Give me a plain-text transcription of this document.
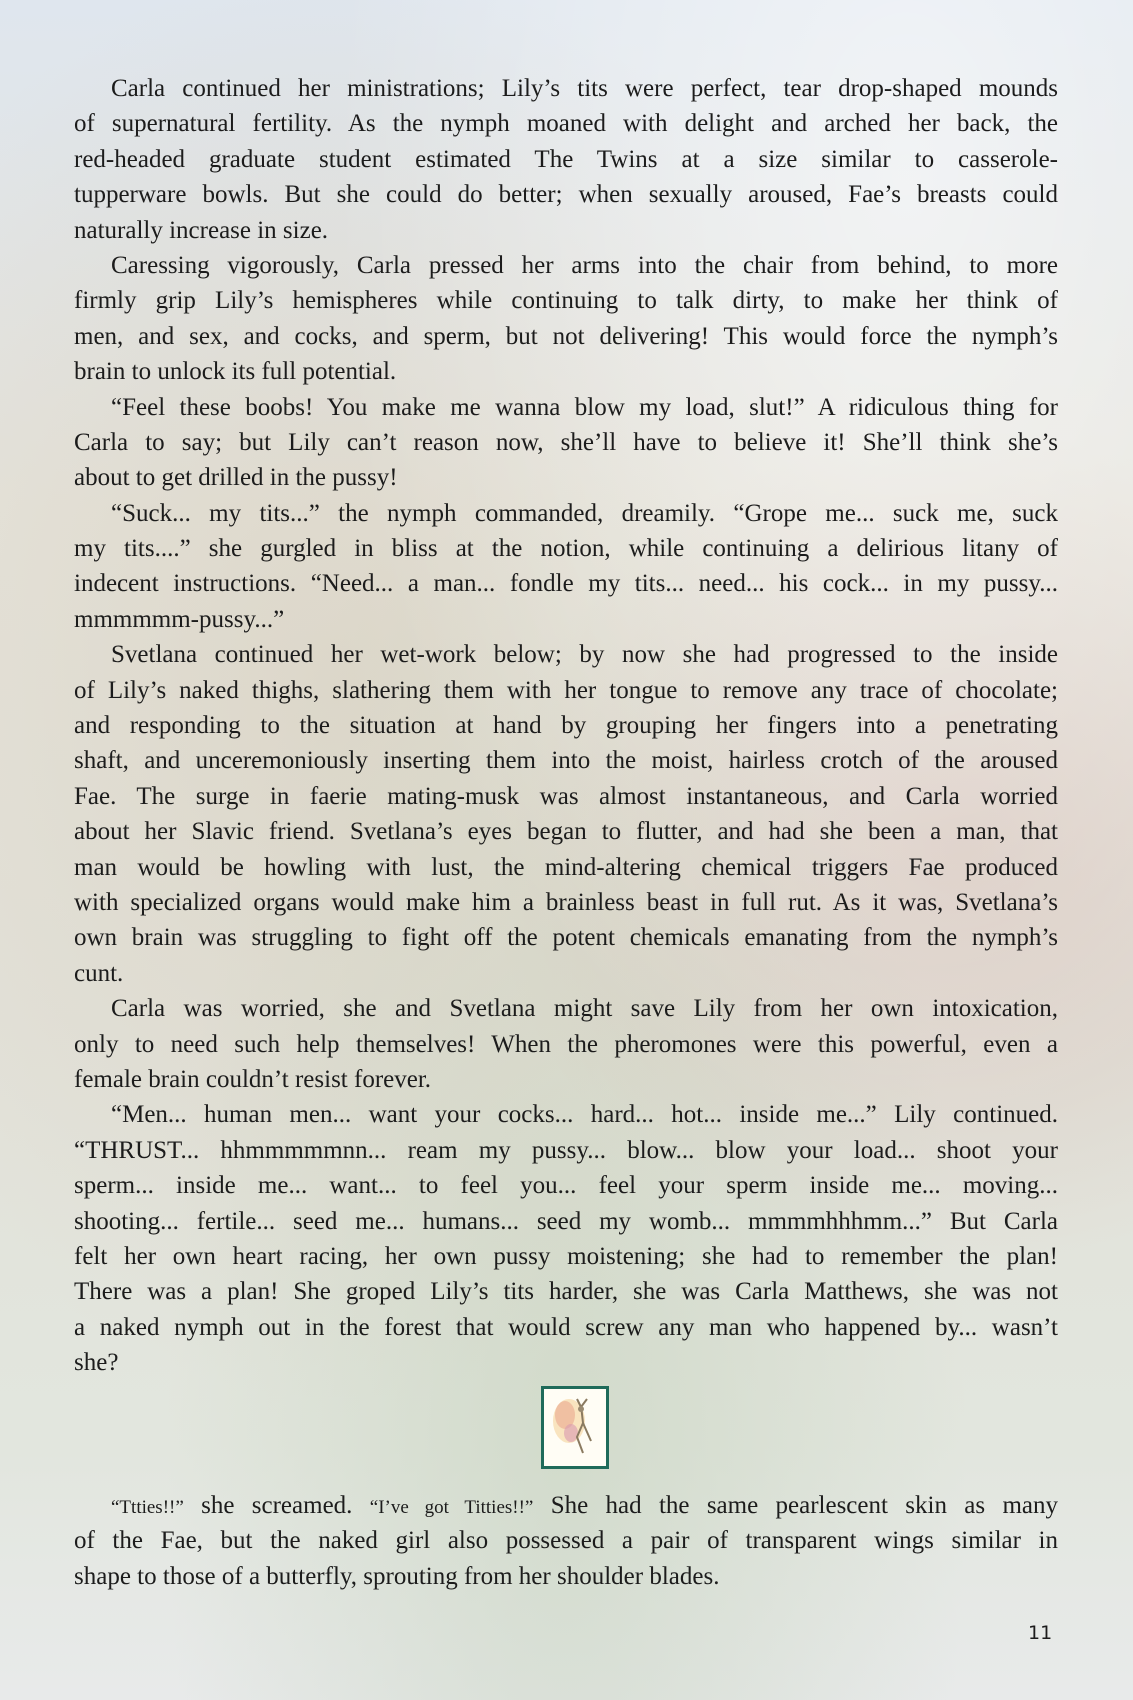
Carla continued her ministrations; Lily’s tits were perfect, tear drop-shaped mounds
of supernatural fertility. As the nymph moaned with delight and arched her back, the
red-headed graduate student estimated The Twins at a size similar to casserole-
tupperware bowls. But she could do better; when sexually aroused, Fae’s breasts could
naturally increase in size.
Caressing vigorously, Carla pressed her arms into the chair from behind, to more
firmly grip Lily’s hemispheres while continuing to talk dirty, to make her think of
men, and sex, and cocks, and sperm, but not delivering! This would force the nymph’s
brain to unlock its full potential.
“Feel these boobs! You make me wanna blow my load, slut!” A ridiculous thing for
Carla to say; but Lily can’t reason now, she’ll have to believe it! She’ll think she’s
about to get drilled in the pussy!
“Suck... my tits...” the nymph commanded, dreamily. “Grope me... suck me, suck
my tits....” she gurgled in bliss at the notion, while continuing a delirious litany of
indecent instructions. “Need... a man... fondle my tits... need... his cock... in my pussy...
mmmmmm-pussy...”
Svetlana continued her wet-work below; by now she had progressed to the inside
of Lily’s naked thighs, slathering them with her tongue to remove any trace of chocolate;
and responding to the situation at hand by grouping her fingers into a penetrating
shaft, and unceremoniously inserting them into the moist, hairless crotch of the aroused
Fae. The surge in faerie mating-musk was almost instantaneous, and Carla worried
about her Slavic friend. Svetlana’s eyes began to flutter, and had she been a man, that
man would be howling with lust, the mind-altering chemical triggers Fae produced
with specialized organs would make him a brainless beast in full rut. As it was, Svetlana’s
own brain was struggling to fight off the potent chemicals emanating from the nymph’s
cunt.
Carla was worried, she and Svetlana might save Lily from her own intoxication,
only to need such help themselves! When the pheromones were this powerful, even a
female brain couldn’t resist forever.
“Men... human men... want your cocks... hard... hot... inside me...” Lily continued.
“THRUST... hhmmmmmnn... ream my pussy... blow... blow your load... shoot your
sperm... inside me... want... to feel you... feel your sperm inside me... moving...
shooting... fertile... seed me... humans... seed my womb... mmmmhhhmm...” But Carla
felt her own heart racing, her own pussy moistening; she had to remember the plan!
There was a plan! She groped Lily’s tits harder, she was Carla Matthews, she was not
a naked nymph out in the forest that would screw any man who happened by... wasn’t
she?
“Ttties!!” she screamed. “I’ve got Titties!!” She had the same pearlescent skin as many
of the Fae, but the naked girl also possessed a pair of transparent wings similar in
shape to those of a butterfly, sprouting from her shoulder blades.
11
